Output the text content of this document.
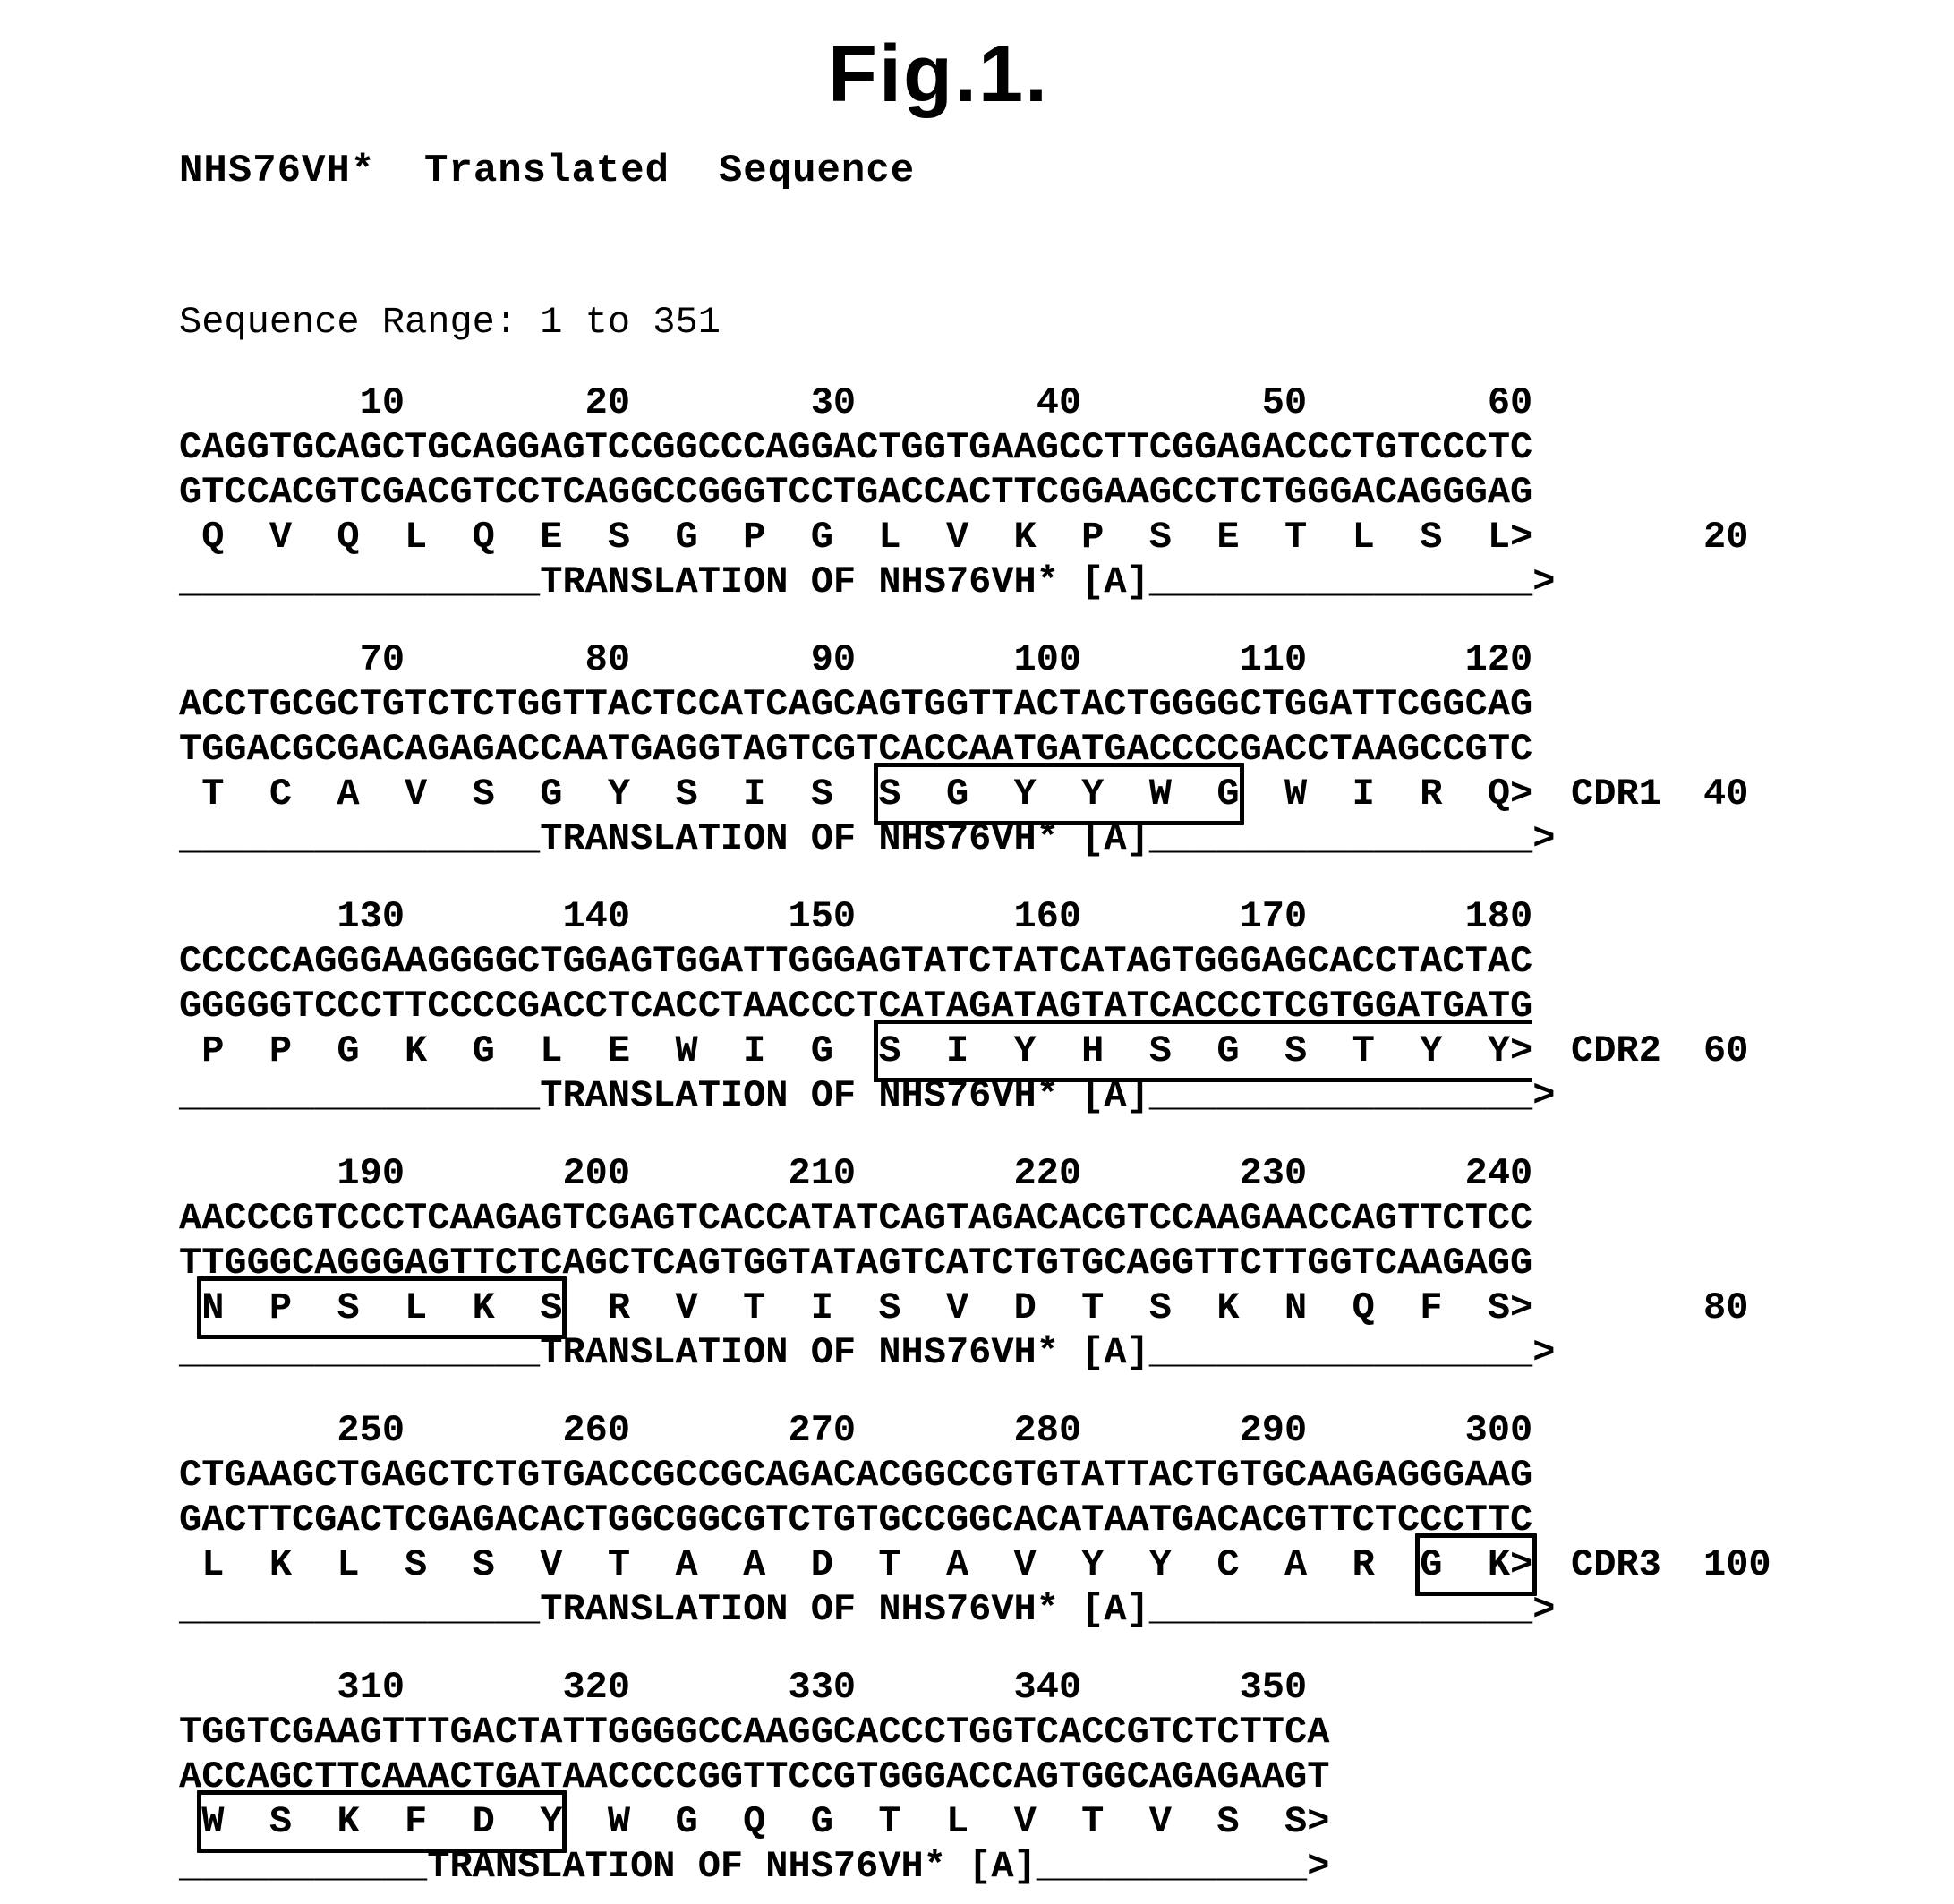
Fig.1.
NHS76VH*  Translated  Sequence
Sequence Range: 1 to 351
10        20        30        40        50        60
CAGGTGCAGCTGCAGGAGTCCGGCCCAGGACTGGTGAAGCCTTCGGAGACCCTGTCCCTC
GTCCACGTCGACGTCCTCAGGCCGGGTCCTGACCACTTCGGAAGCCTCTGGGACAGGGAG
Q  V  Q  L  Q  E  S  G  P  G  L  V  K  P  S  E  T  L  S  L>	20
________________TRANSLATION OF NHS76VH* [A]_________________>
70        80        90       100       110       120
ACCTGCGCTGTCTCTGGTTACTCCATCAGCAGTGGTTACTACTGGGGCTGGATTCGGCAG
TGGACGCGACAGAGACCAATGAGGTAGTCGTCACCAATGATGACCCCGACCTAAGCCGTC
T  C  A  V  S  G  Y  S  I  S  S  G  Y  Y  W  G  W  I  R  Q> CDR1 40
________________TRANSLATION OF NHS76VH* [A]_________________>
130       140       150       160       170       180
CCCCCAGGGAAGGGGCTGGAGTGGATTGGGAGTATCTATCATAGTGGGAGCACCTACTAC
GGGGGTCCCTTCCCCGACCTCACCTAACCCTCATAGATAGTATCACCCTCGTGGATGATG
P  P  G  K  G  L  E  W  I  G  S  I  Y  H  S  G  S  T  Y  Y> CDR2 60
________________TRANSLATION OF NHS76VH* [A]_________________>
190       200       210       220       230       240
AACCCGTCCCTCAAGAGTCGAGTCACCATATCAGTAGACACGTCCAAGAACCAGTTCTCC
TTGGGCAGGGAGTTCTCAGCTCAGTGGTATAGTCATCTGTGCAGGTTCTTGGTCAAGAGG
N  P  S  L  K  S  R  V  T  I  S  V  D  T  S  K  N  Q  F  S>	80
________________TRANSLATION OF NHS76VH* [A]_________________>
250       260       270       280       290       300
CTGAAGCTGAGCTCTGTGACCGCCGCAGACACGGCCGTGTATTACTGTGCAAGAGGGAAG
GACTTCGACTCGAGACACTGGCGGCGTCTGTGCCGGCACATAATGACACGTTCTCCCTTC
L  K  L  S  S  V  T  A  A  D  T  A  V  Y  Y  C  A  R  G  K> CDR3 100
________________TRANSLATION OF NHS76VH* [A]_________________>
310       320       330       340       350
TGGTCGAAGTTTGACTATTGGGGCCAAGGCACCCTGGTCACCGTCTCTTCA
ACCAGCTTCAAACTGATAACCCCGGTTCCGTGGGACCAGTGGCAGAGAAGT
W  S  K  F  D  Y  W  G  Q  G  T  L  V  T  V  S  S>
___________TRANSLATION OF NHS76VH* [A]____________>
